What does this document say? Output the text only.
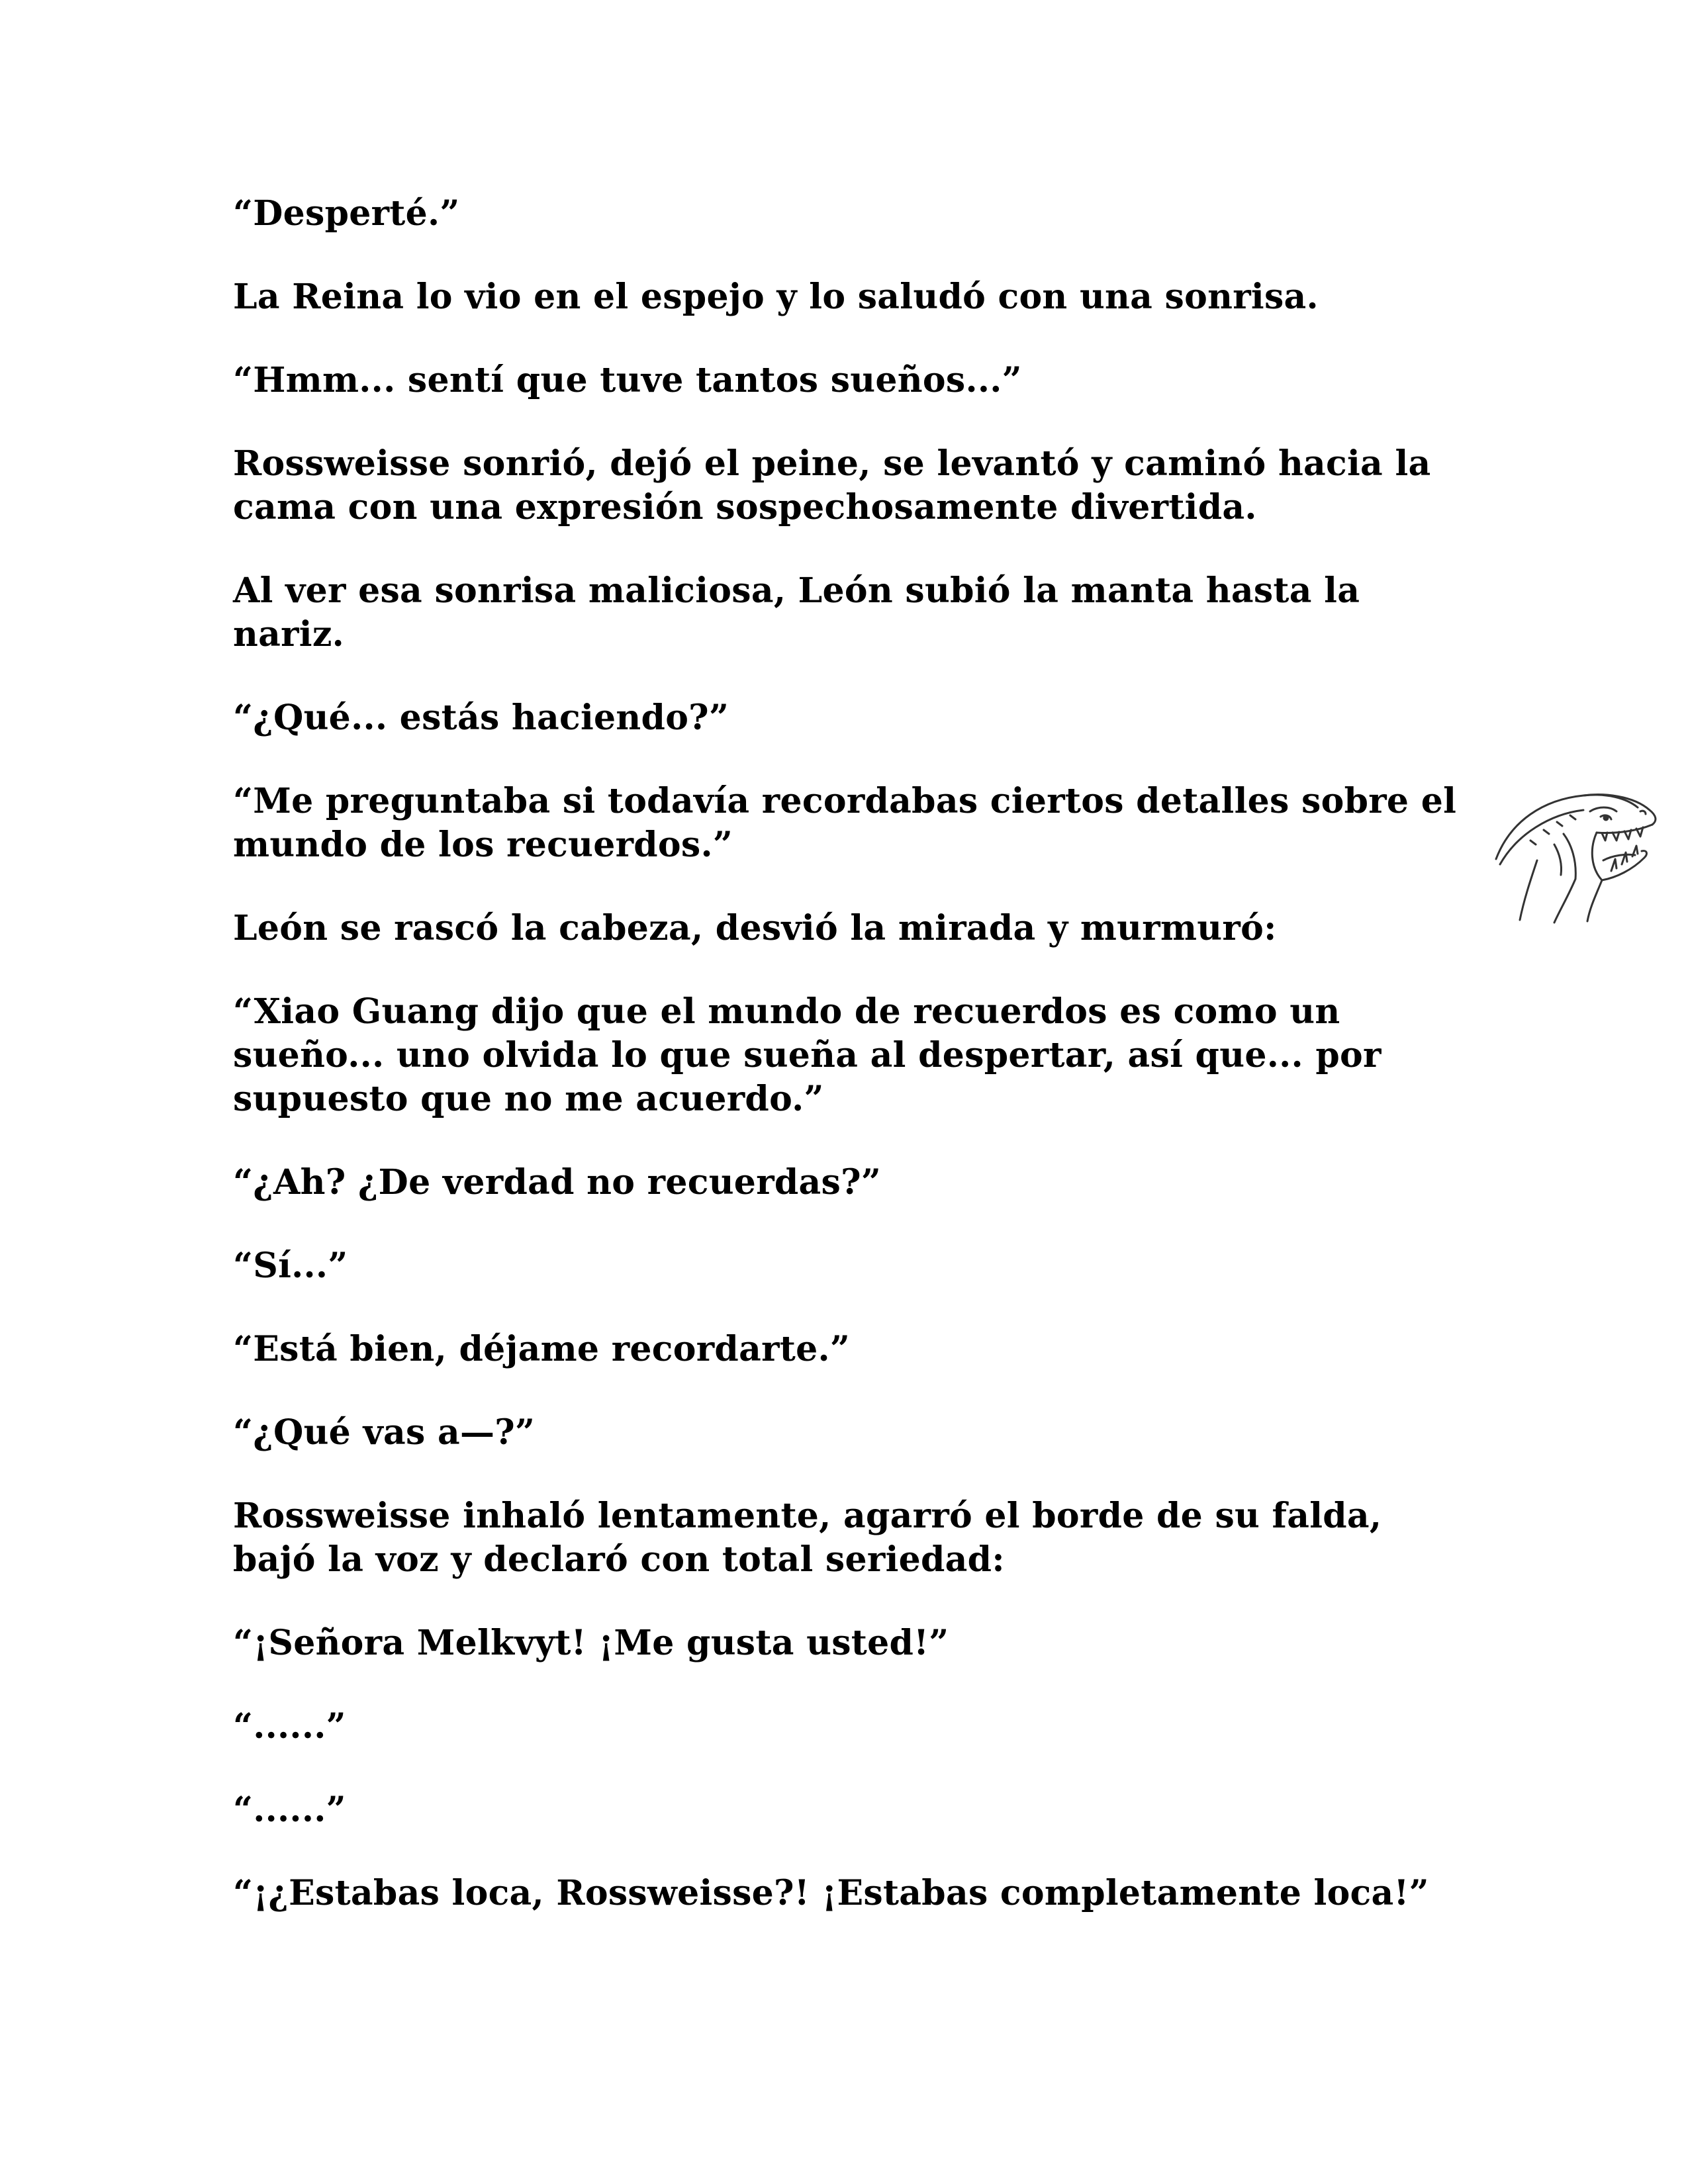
“Desperté.”

La Reina lo vio en el espejo y lo saludó con una sonrisa.

“Hmm... sentí que tuve tantos sueños...”

Rossweisse sonrió, dejó el peine, se levantó y caminó hacia la
cama con una expresión sospechosamente divertida.

Al ver esa sonrisa maliciosa, León subió la manta hasta la
nariz.

“¿Qué... estás haciendo?”

“Me preguntaba si todavía recordabas ciertos detalles sobre el
mundo de los recuerdos.”

León se rascó la cabeza, desvió la mirada y murmuró:

“Xiao Guang dijo que el mundo de recuerdos es como un
sueño... uno olvida lo que sueña al despertar, así que... por
supuesto que no me acuerdo.”

“¿Ah? ¿De verdad no recuerdas?”

“Sí...”

“Está bien, déjame recordarte.”

“¿Qué vas a—?”

Rossweisse inhaló lentamente, agarró el borde de su falda,
bajó la voz y declaró con total seriedad:

“¡Señora Melkvyt! ¡Me gusta usted!”

“......”

“......”

“¡¿Estabas loca, Rossweisse?! ¡Estabas completamente loca!”
